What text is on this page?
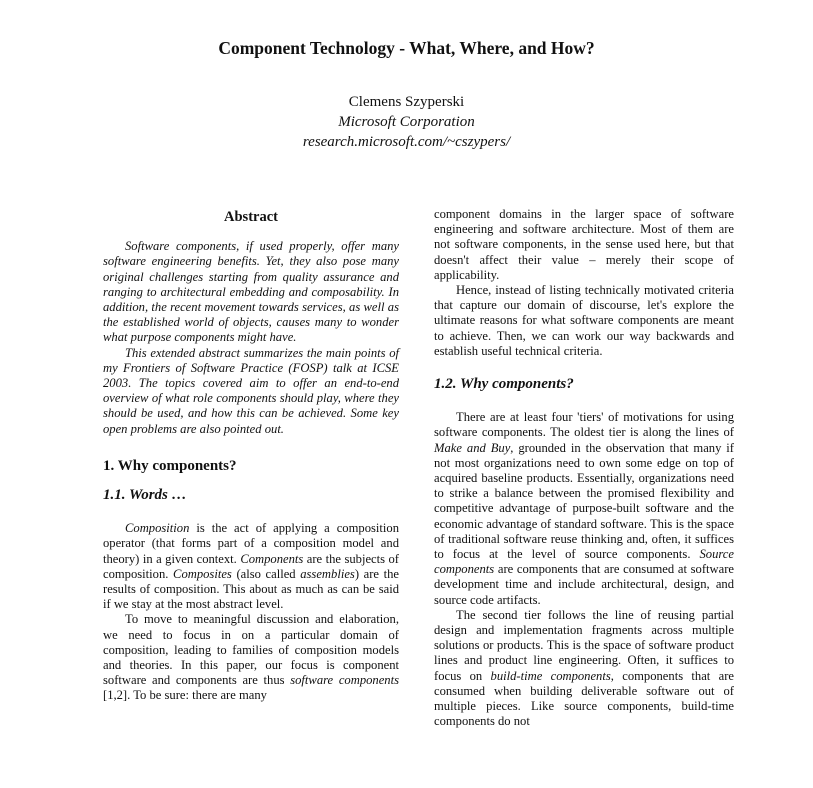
Component Technology - What, Where, and How?
Clemens Szyperski
Microsoft Corporation
research.microsoft.com/~cszypers/
Abstract

Software components, if used properly, offer many software engineering benefits. Yet, they also pose many original challenges starting from quality assurance and ranging to architectural embedding and composability. In addition, the recent movement towards services, as well as the established world of objects, causes many to wonder what purpose components might have.

This extended abstract summarizes the main points of my Frontiers of Software Practice (FOSP) talk at ICSE 2003. The topics covered aim to offer an end-to-end overview of what role components should play, where they should be used, and how this can be achieved. Some key open problems are also pointed out.

1. Why components?
1.1. Words …

Composition is the act of applying a composition operator (that forms part of a composition model and theory) in a given context. Components are the subjects of composition. Composites (also called assemblies) are the results of composition. This about as much as can be said if we stay at the most abstract level.

To move to meaningful discussion and elaboration, we need to focus in on a particular domain of composition, leading to families of composition models and theories. In this paper, our focus is component software and components are thus software components [1,2]. To be sure: there are many

component domains in the larger space of software engineering and software architecture. Most of them are not software components, in the sense used here, but that doesn't affect their value – merely their scope of applicability.

Hence, instead of listing technically motivated criteria that capture our domain of discourse, let's explore the ultimate reasons for what software components are meant to achieve. Then, we can work our way backwards and establish useful technical criteria.

1.2. Why components?

There are at least four 'tiers' of motivations for using software components. The oldest tier is along the lines of Make and Buy, grounded in the observation that many if not most organizations need to own some edge on top of acquired baseline products. Essentially, organizations need to strike a balance between the promised flexibility and competitive advantage of purpose-built software and the economic advantage of standard software. This is the space of traditional software reuse thinking and, often, it suffices to focus at the level of source components. Source components are components that are consumed at software development time and include architectural, design, and source code artifacts.

The second tier follows the line of reusing partial design and implementation fragments across multiple solutions or products. This is the space of software product lines and product line engineering. Often, it suffices to focus on build-time components, components that are consumed when building deliverable software out of multiple pieces. Like source components, build-time components do not
